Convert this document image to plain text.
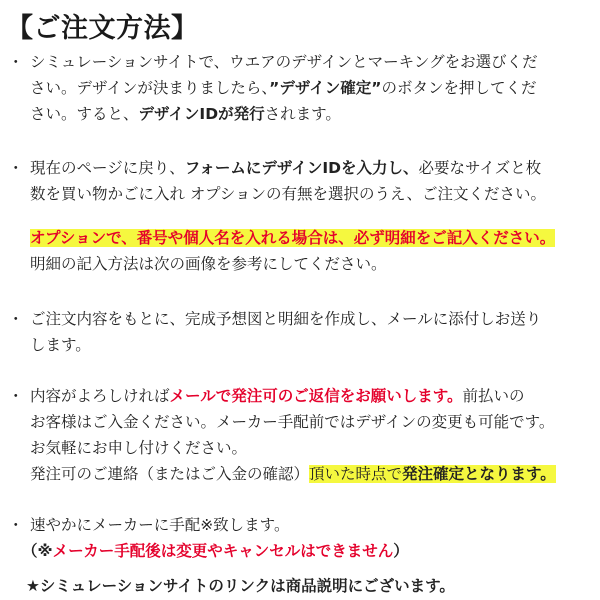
【ご注文方法】
・ シミュレーションサイトで、ウエアのデザインとマーキングをお選びくだ
さい。デザインが決まりましたら、”デザイン確定”のボタンを押してくだ
さい。すると、デザインIDが発行されます。
・ 現在のページに戻り、フォームにデザインIDを入力し、必要なサイズと枚
数を買い物かごに入れ オプションの有無を選択のうえ、ご注文ください。
オプションで、番号や個人名を入れる場合は、必ず明細をご記入ください。
明細の記入方法は次の画像を参考にしてください。
・ ご注文内容をもとに、完成予想図と明細を作成し、メールに添付しお送り
します。
・ 内容がよろしければメールで発注可のご返信をお願いします。前払いの
お客様はご入金ください。メーカー手配前ではデザインの変更も可能です。
お気軽にお申し付けください。
発注可のご連絡（またはご入金の確認）頂いた時点で発注確定となります。
・ 速やかにメーカーに手配※致します。
（※メーカー手配後は変更やキャンセルはできません）
★シミュレーションサイトのリンクは商品説明にございます。
